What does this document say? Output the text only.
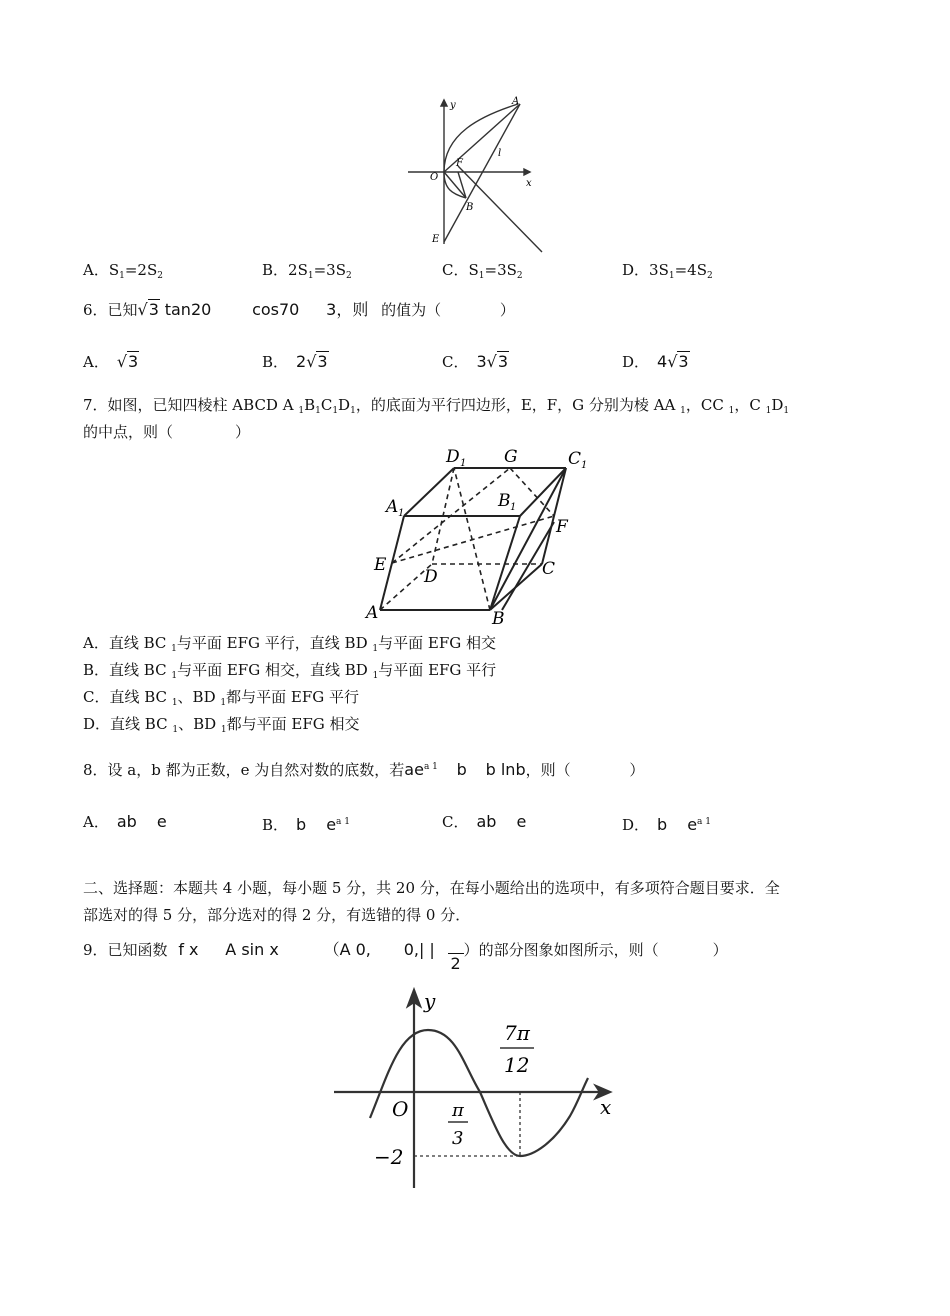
y
x
O
A
F
B
E
l
A．$S_1=2S_2$	B．$2S_1=3S_2$	C．$S_1=3S_2$	D．$3S_1=4S_2$
6．已知√3 tan20	cos70 3，则 的值为（	）
A． √3	B． 2√3	C． 3√3	D． 4√3
7．如图，已知四棱柱 ABCD A $_1B_1C_1D_1$，的底面为平行四边形，E，F，G 分别为棱 AA $_1$，CC $_1$，C $_1D_1$
的中点，则（	）
D 1 G	C 1
A 1
B 1
F
E
D	C
A	B
A．直线 BC $_1$与平面 EFG 平行，直线 BD $_1$与平面 EFG 相交
B．直线 BC $_1$与平面 EFG 相交，直线 BD $_1$与平面 EFG 平行
C．直线 BC $_1$、BD $_1$都与平面 EFG 平行
D．直线 BC $_1$、BD $_1$都与平面 EFG 相交
8．设 a，b 都为正数，e 为自然对数的底数，若$ae^{a 1}$ b b lnb，则（	）
A． ab e	B． b $e^{a 1}$	C． ab e	D． b $e^{a 1}$
二、选择题：本题共 4 小题，每小题 5 分，共 20 分，在每小题给出的选项中，有多项符合题目要求．全
部选对的得 5 分，部分选对的得 2 分，有选错的得 0 分．
9．已知函数 f x A sin x	（A 0, 0,| | 2）的部分图象如图所示，则（	）
y
x
O
7π
12
π
3
−2
